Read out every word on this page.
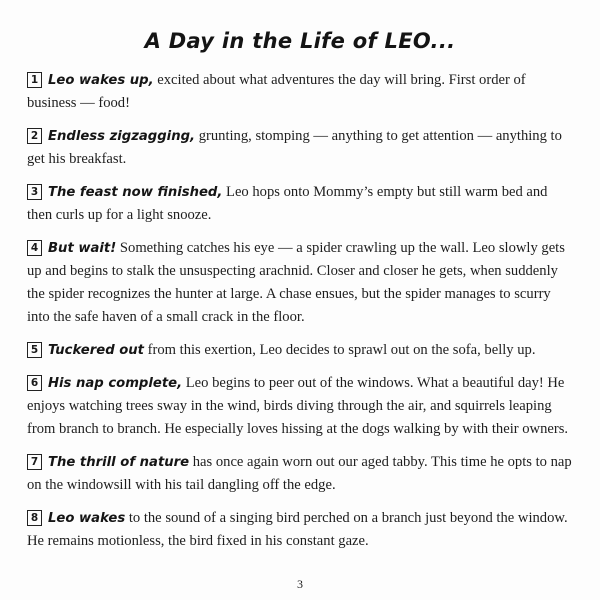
A Day in the Life of LEO...

1 Leo wakes up, excited about what adventures the day will bring. First order of business — food!

2 Endless zigzagging, grunting, stomping — anything to get attention — anything to get his breakfast.

3 The feast now finished, Leo hops onto Mommy’s empty but still warm bed and then curls up for a light snooze.

4 But wait! Something catches his eye — a spider crawling up the wall. Leo slowly gets up and begins to stalk the unsuspecting arachnid. Closer and closer he gets, when suddenly the spider recognizes the hunter at large. A chase ensues, but the spider manages to scurry into the safe haven of a small crack in the floor.

5 Tuckered out from this exertion, Leo decides to sprawl out on the sofa, belly up.

6 His nap complete, Leo begins to peer out of the windows. What a beautiful day! He enjoys watching trees sway in the wind, birds diving through the air, and squirrels leaping from branch to branch. He especially loves hissing at the dogs walking by with their owners.

7 The thrill of nature has once again worn out our aged tabby. This time he opts to nap on the windowsill with his tail dangling off the edge.

8 Leo wakes to the sound of a singing bird perched on a branch just beyond the window. He remains motionless, the bird fixed in his constant gaze.

3
